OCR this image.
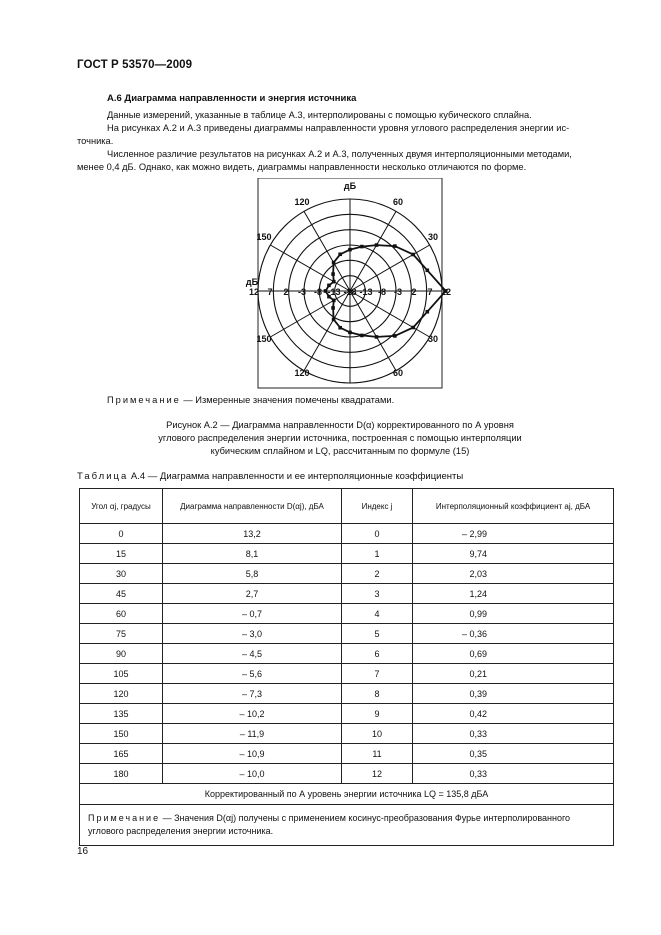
ГОСТ Р 53570—2009
А.6 Диаграмма направленности и энергия источника
Данные измерений, указанные в таблице А.3, интерполированы с помощью кубического сплайна.
На рисунках А.2 и А.3 приведены диаграммы направленности уровня углового распределения энергии ис-
точника.
Численное различие результатов на рисунках А.2 и А.3, полученных двумя интерполяционными методами,
менее 0,4 дБ. Однако, как можно видеть, диаграммы направленности несколько отличаются по форме.
дБ
дБ
120	60
150	30
150	30
120	60
12 7 2 -3 -8 -13 -18 -13 -8 -3 2 7 12
Примечание — Измеренные значения помечены квадратами.
Рисунок А.2 — Диаграмма направленности D(α) корректированного по А уровня
углового распределения энергии источника, построенная с помощью интерполяции
кубическим сплайном и LQ, рассчитанным по формуле (15)
Таблица А.4 — Диаграмма направленности и ее интерполяционные коэффициенты
Угол αj, градусы	Диаграмма направленности D(αj), дБА	Индекс j	Интерполяционный коэффициент aj, дБА
0	13,2	0	– 2,99
15	8,1	1	9,74
30	5,8	2	2,03
45	2,7	3	1,24
60	– 0,7	4	0,99
75	– 3,0	5	– 0,36
90	– 4,5	6	0,69
105	– 5,6	7	0,21
120	– 7,3	8	0,39
135	– 10,2	9	0,42
150	– 11,9	10	0,33
165	– 10,9	11	0,35
180	– 10,0	12	0,33
Корректированный по А уровень энергии источника LQ = 135,8 дБА			
Примечание — Значения D(αj) получены с применением косинус-преобразования Фурье интерполированного углового распределения энергии источника.			
16
